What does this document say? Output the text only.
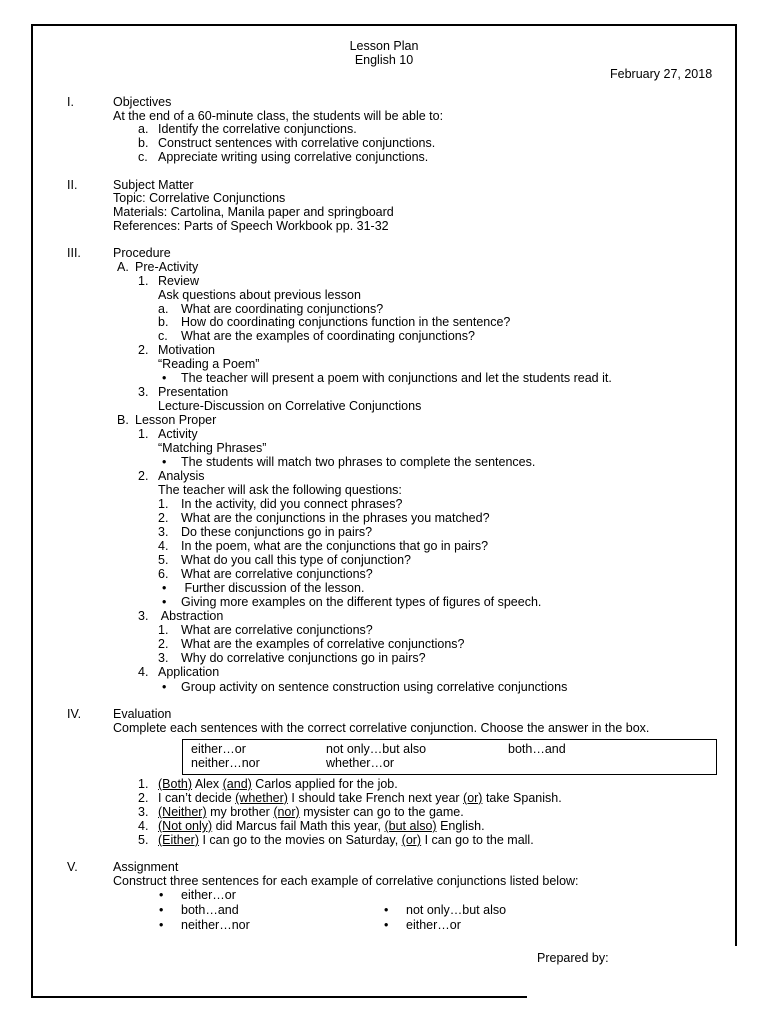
Lesson Plan
English 10
February 27, 2018
I.	Objectives
At the end of a 60-minute class, the students will be able to:
a. Identify the correlative conjunctions.
b. Construct sentences with correlative conjunctions.
c. Appreciate writing using correlative conjunctions.
II.	Subject Matter
Topic: Correlative Conjunctions
Materials: Cartolina, Manila paper and springboard
References: Parts of Speech Workbook pp. 31-32
III.	Procedure
A. Pre-Activity
1. Review
Ask questions about previous lesson
a. What are coordinating conjunctions?
b. How do coordinating conjunctions function in the sentence?
c. What are the examples of coordinating conjunctions?
2. Motivation
“Reading a Poem”
• The teacher will present a poem with conjunctions and let the students read it.
3. Presentation
Lecture-Discussion on Correlative Conjunctions
B. Lesson Proper
1. Activity
“Matching Phrases”
• The students will match two phrases to complete the sentences.
2. Analysis
The teacher will ask the following questions:
1. In the activity, did you connect phrases?
2. What are the conjunctions in the phrases you matched?
3. Do these conjunctions go in pairs?
4. In the poem, what are the conjunctions that go in pairs?
5. What do you call this type of conjunction?
6. What are correlative conjunctions?
• Further discussion of the lesson.
• Giving more examples on the different types of figures of speech.
3. Abstraction
1. What are correlative conjunctions?
2. What are the examples of correlative conjunctions?
3. Why do correlative conjunctions go in pairs?
4. Application
• Group activity on sentence construction using correlative conjunctions
IV.	Evaluation
Complete each sentences with the correct correlative conjunction. Choose the answer in the box.
either…or	not only…but also	both…and
neither…nor	whether…or
1. (Both) Alex (and) Carlos applied for the job.
2. I can’t decide (whether) I should take French next year (or) take Spanish.
3. (Neither) my brother (nor) mysister can go to the game.
4. (Not only) did Marcus fail Math this year, (but also) English.
5. (Either) I can go to the movies on Saturday, (or) I can go to the mall.
V.	Assignment
Construct three sentences for each example of correlative conjunctions listed below:
• either…or
• both…and
• neither…nor
• not only…but also
• either…or
Prepared by:
